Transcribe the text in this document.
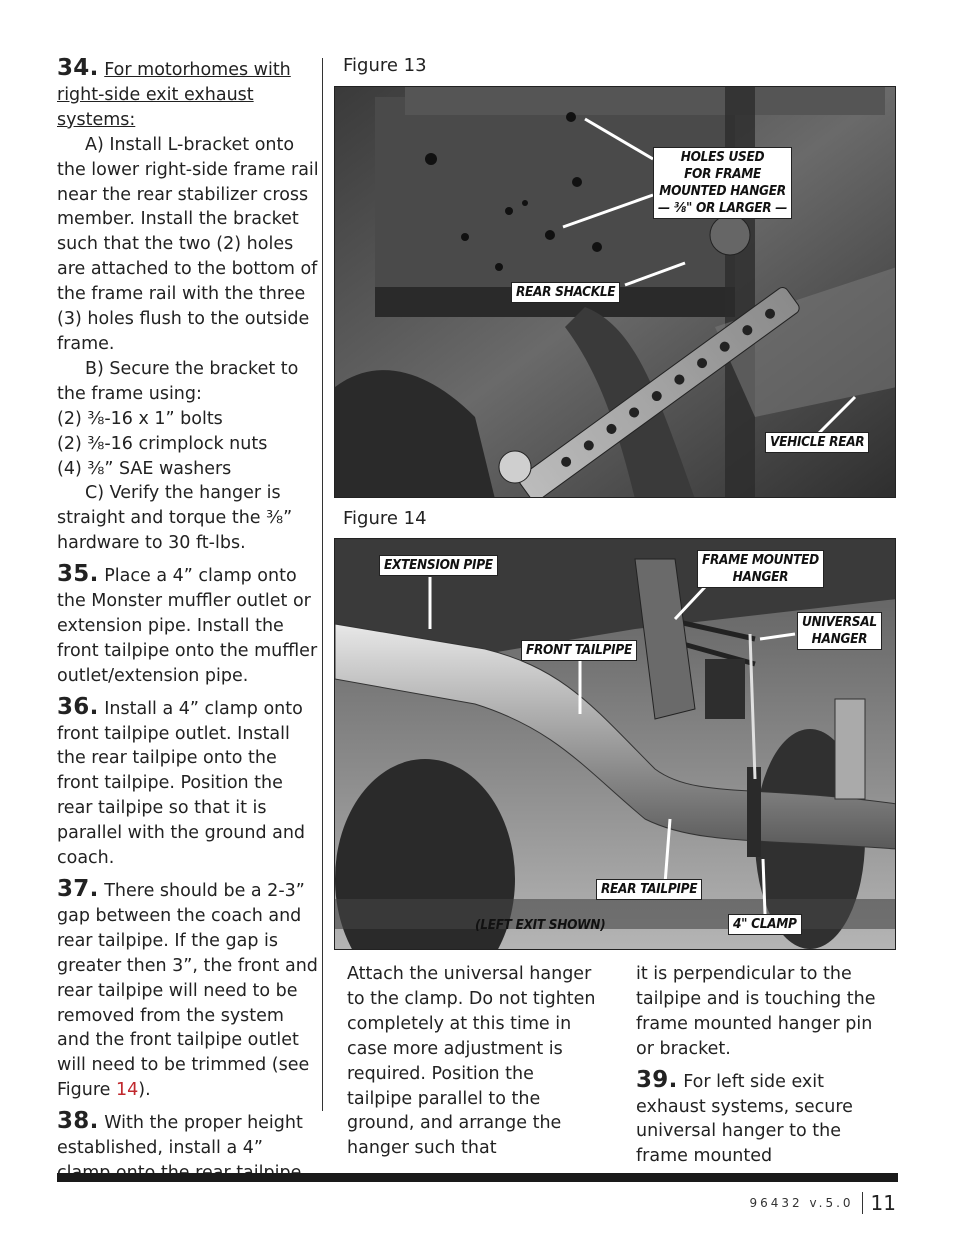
34. For motorhomes with right-side exit exhaust systems:

A) Install L-bracket onto the lower right-side frame rail near the rear stabilizer cross member. Install the bracket such that the two (2) holes are attached to the bottom of the frame rail with the three (3) holes flush to the outside frame.

B) Secure the bracket to the frame using:

(2) ⅜-16 x 1” bolts

(2) ⅜-16 crimplock nuts

(4) ⅜” SAE washers

C) Verify the hanger is straight and torque the ⅜” hardware to 30 ft-lbs.

35. Place a 4” clamp onto the Monster muffler outlet or extension pipe. Install the front tailpipe onto the muffler outlet/extension pipe.

36. Install a 4” clamp onto front tailpipe outlet. Install the rear tailpipe onto the front tailpipe. Position the rear tailpipe so that it is parallel with the ground and coach.

37. There should be a 2-3” gap between the coach and rear tailpipe. If the gap is greater then 3”, the front and rear tailpipe will need to be removed from the system and the front tailpipe outlet will need to be trimmed (see Figure 14).

38. With the proper height established, install a 4”

Figure 13
HOLES USED
FOR FRAME
MOUNTED HANGER
— ⅜" OR LARGER —
REAR SHACKLE
VEHICLE REAR
Figure 14
EXTENSION PIPE	FRAME MOUNTED
HANGER
UNIVERSAL
HANGER
FRONT TAILPIPE
REAR TAILPIPE
(LEFT EXIT SHOWN)	4" CLAMP

Attach the universal hanger to the clamp. Do not tighten completely at this time in case more adjustment is required. Position the tailpipe parallel to the ground, and arrange the hanger such that

it is perpendicular to the tailpipe and is touching the frame mounted hanger pin or bracket.

39. For left side exit exhaust systems, secure universal hanger to the frame mounted

96432 v.5.0 11
